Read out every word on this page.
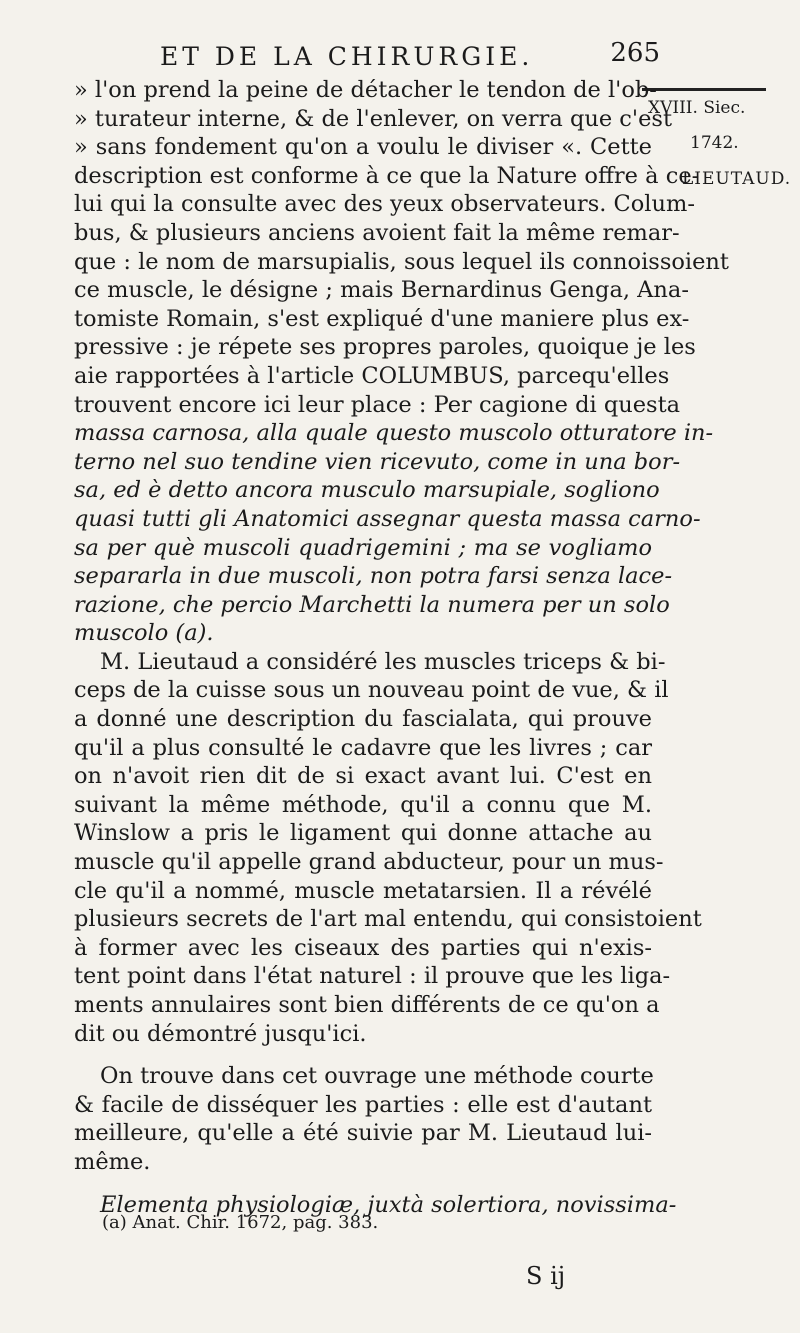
ET DE LA CHIRURGIE.	265
XVIII. Siec.
1742.
LIEUTAUD.
» l'on prend la peine de détacher le tendon de l'ob-
» turateur interne, & de l'enlever, on verra que c'est
» sans fondement qu'on a voulu le diviser «. Cette
description est conforme à ce que la Nature offre à ce-
lui qui la consulte avec des yeux observateurs. Colum-
bus, & plusieurs anciens avoient fait la même remar-
que : le nom de marsupialis, sous lequel ils connoissoient
ce muscle, le désigne ; mais Bernardinus Genga, Ana-
tomiste Romain, s'est expliqué d'une maniere plus ex-
pressive : je répete ses propres paroles, quoique je les
aie rapportées à l'article COLUMBUS, parcequ'elles
trouvent encore ici leur place : Per cagione di questa
massa carnosa, alla quale questo muscolo otturatore in-
terno nel suo tendine vien ricevuto, come in una bor-
sa, ed è detto ancora musculo marsupiale, sogliono
quasi tutti gli Anatomici assegnar questa massa carno-
sa per què muscoli quadrigemini ; ma se vogliamo
separarla in due muscoli, non potra farsi senza lace-
razione, che percio Marchetti la numera per un solo
muscolo (a).
M. Lieutaud a considéré les muscles triceps & bi-
ceps de la cuisse sous un nouveau point de vue, & il
a donné une description du fascialata, qui prouve
qu'il a plus consulté le cadavre que les livres ; car
on n'avoit rien dit de si exact avant lui. C'est en
suivant la même méthode, qu'il a connu que M.
Winslow a pris le ligament qui donne attache au
muscle qu'il appelle grand abducteur, pour un mus-
cle qu'il a nommé, muscle metatarsien. Il a révélé
plusieurs secrets de l'art mal entendu, qui consistoient
à former avec les ciseaux des parties qui n'exis-
tent point dans l'état naturel : il prouve que les liga-
ments annulaires sont bien différents de ce qu'on a
dit ou démontré jusqu'ici.
On trouve dans cet ouvrage une méthode courte
& facile de disséquer les parties : elle est d'autant
meilleure, qu'elle a été suivie par M. Lieutaud lui-
même.
Elementa physiologiæ, juxtà solertiora, novissima-
(a) Anat. Chir. 1672, pag. 383.
S ij
